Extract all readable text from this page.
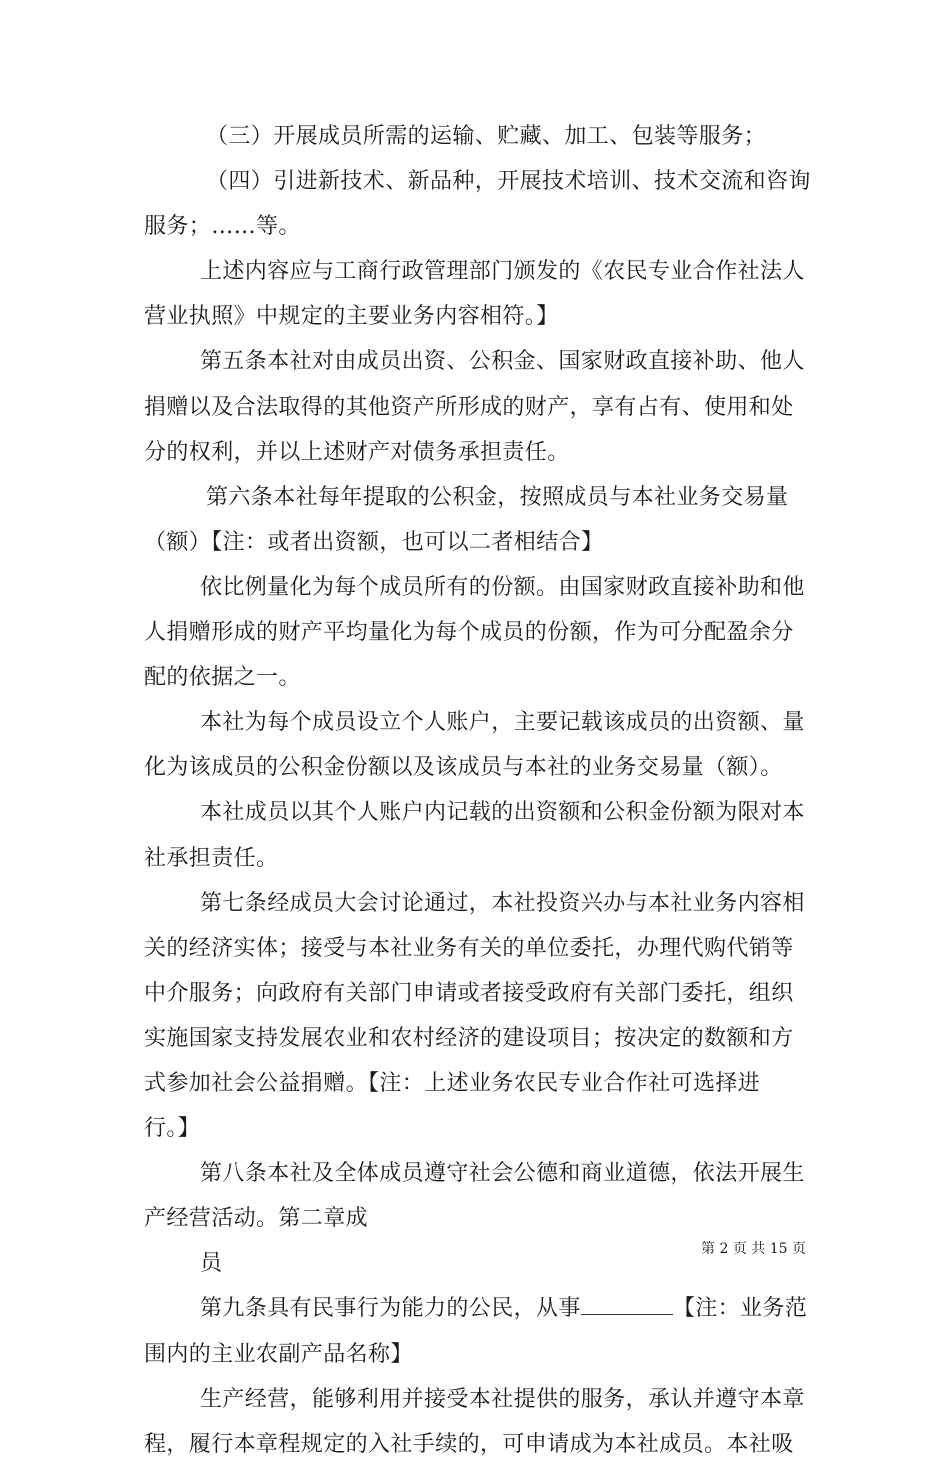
（三）开展成员所需的运输、贮藏、加工、包装等服务；
（四）引进新技术、新品种，开展技术培训、技术交流和咨询
服务；……等。
上述内容应与工商行政管理部门颁发的《农民专业合作社法人
营业执照》中规定的主要业务内容相符。】
第五条本社对由成员出资、公积金、国家财政直接补助、他人
捐赠以及合法取得的其他资产所形成的财产，享有占有、使用和处
分的权利，并以上述财产对债务承担责任。
第六条本社每年提取的公积金，按照成员与本社业务交易量
（额）【注：或者出资额，也可以二者相结合】
依比例量化为每个成员所有的份额。由国家财政直接补助和他
人捐赠形成的财产平均量化为每个成员的份额，作为可分配盈余分
配的依据之一。
本社为每个成员设立个人账户，主要记载该成员的出资额、量
化为该成员的公积金份额以及该成员与本社的业务交易量（额）。
本社成员以其个人账户内记载的出资额和公积金份额为限对本
社承担责任。
第七条经成员大会讨论通过，本社投资兴办与本社业务内容相
关的经济实体；接受与本社业务有关的单位委托，办理代购代销等
中介服务；向政府有关部门申请或者接受政府有关部门委托，组织
实施国家支持发展农业和农村经济的建设项目；按决定的数额和方
式参加社会公益捐赠。【注：上述业务农民专业合作社可选择进
行。】
第八条本社及全体成员遵守社会公德和商业道德，依法开展生
产经营活动。第二章成
员
第九条具有民事行为能力的公民，从事	【注：业务范
围内的主业农副产品名称】
生产经营，能够利用并接受本社提供的服务，承认并遵守本章
程，履行本章程规定的入社手续的，可申请成为本社成员。本社吸
第 2 页 共 15 页
